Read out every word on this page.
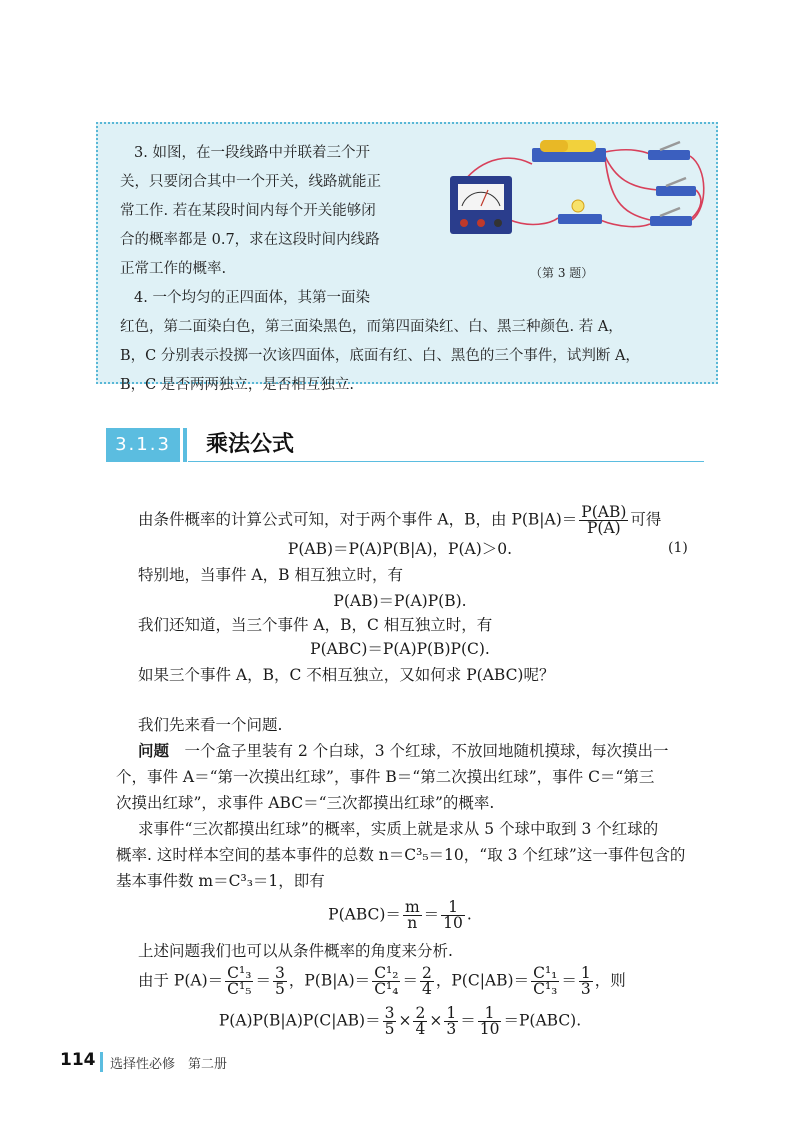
3. 如图，在一段线路中并联着三个开
关，只要闭合其中一个开关，线路就能正
常工作. 若在某段时间内每个开关能够闭
合的概率都是 0.7，求在这段时间内线路
正常工作的概率.
4. 一个均匀的正四面体，其第一面染
红色，第二面染白色，第三面染黑色，而第四面染红、白、黑三种颜色. 若 A，
B，C 分别表示投掷一次该四面体，底面有红、白、黑色的三个事件，试判断 A，
B，C 是否两两独立，是否相互独立.
（第 3 题）
3.1.3	乘法公式
由条件概率的计算公式可知，对于两个事件 A，B，由 $P(B|A)= \frac{P(AB)}{P(A)}$ 可得
P(AB)＝P(A)P(B|A)，P(A)＞0.	(1)
特别地，当事件 A，B 相互独立时，有
P(AB)＝P(A)P(B).
我们还知道，当三个事件 A，B，C 相互独立时，有
P(ABC)＝P(A)P(B)P(C).
如果三个事件 A，B，C 不相互独立，又如何求 P(ABC)呢？
我们先来看一个问题.
问题　 一个盒子里装有 2 个白球，3 个红球，不放回地随机摸球，每次摸出一
个，事件 A＝“第一次摸出红球”，事件 B＝“第二次摸出红球”，事件 C＝“第三
次摸出红球”，求事件 ABC＝“三次都摸出红球”的概率.
求事件“三次都摸出红球”的概率，实质上就是求从 5 个球中取到 3 个红球的
概率. 这时样本空间的基本事件的总数 n＝C³₅＝10，“取 3 个红球”这一事件包含的
基本事件数 m＝C³₃＝1，即有
$P(ABC)= \frac{m}{n} = \frac{1}{10}$ .
上述问题我们也可以从条件概率的角度来分析.
由于 $P(A)= \frac{\text{C¹₃}}{\text{C¹₅}} = \frac{3}{5}$ ，$P(B|A)= \frac{\text{C¹₂}}{\text{C¹₄}} = \frac{2}{4}$ ，$P(C|AB)= \frac{\text{C¹₁}}{\text{C¹₃}} = \frac{1}{3}$ ，则
$P(A)P(B|A)P(C|AB)= \frac{3}{5} \times \frac{2}{4} \times \frac{1}{3} = \frac{1}{10} =P(ABC)$.
114 选择性必修　第二册
